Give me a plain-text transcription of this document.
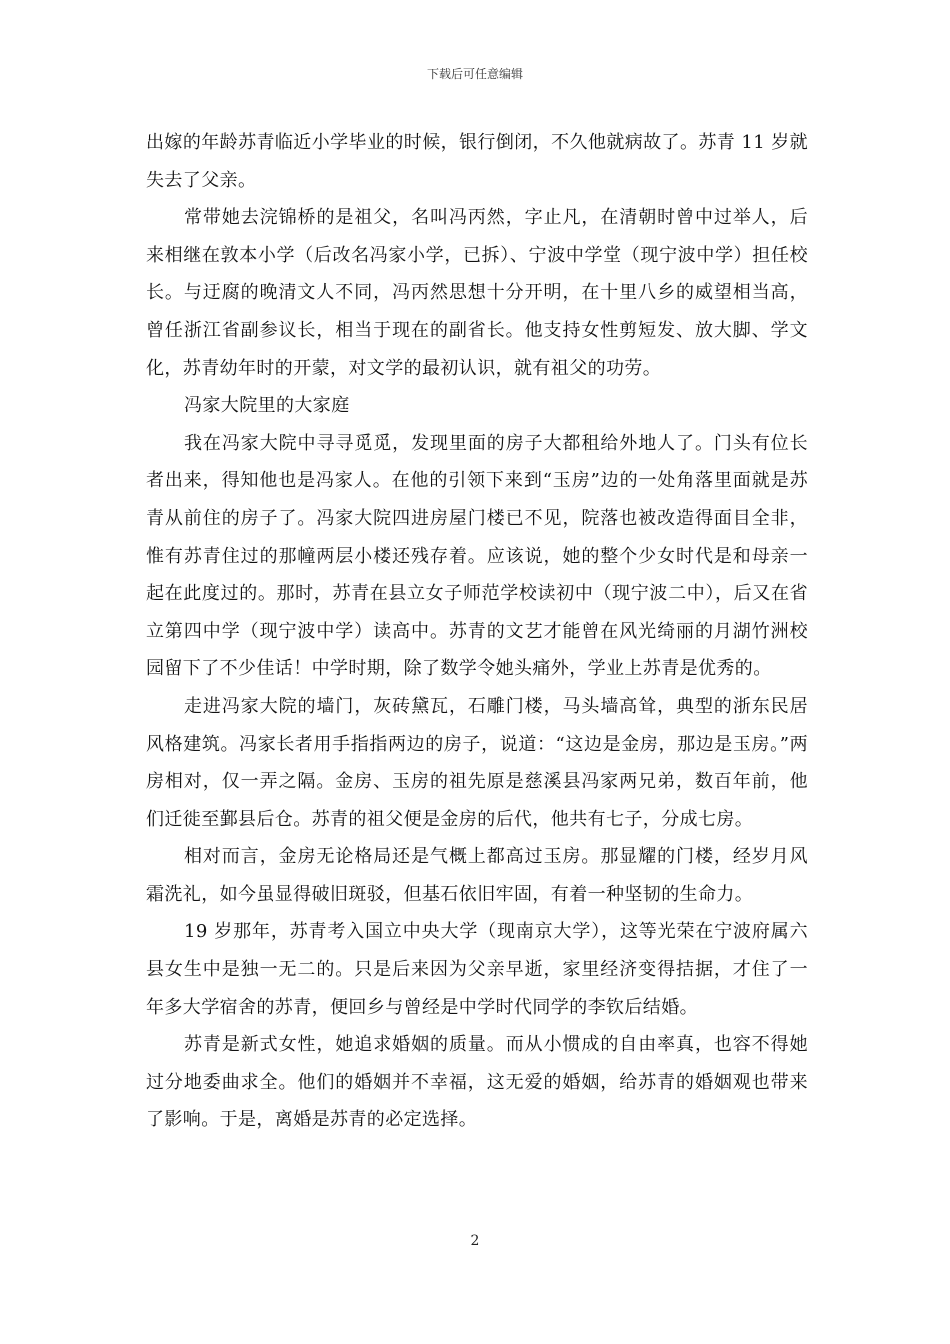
下载后可任意编辑

出嫁的年龄苏青临近小学毕业的时候，银行倒闭，不久他就病故了。苏青 11 岁就失去了父亲。

常带她去浣锦桥的是祖父，名叫冯丙然，字止凡，在清朝时曾中过举人，后来相继在敦本小学（后改名冯家小学，已拆）、宁波中学堂（现宁波中学）担任校长。与迂腐的晚清文人不同，冯丙然思想十分开明，在十里八乡的威望相当高，曾任浙江省副参议长，相当于现在的副省长。他支持女性剪短发、放大脚、学文化，苏青幼年时的开蒙，对文学的最初认识，就有祖父的功劳。

冯家大院里的大家庭

我在冯家大院中寻寻觅觅，发现里面的房子大都租给外地人了。门头有位长者出来，得知他也是冯家人。在他的引领下来到“玉房”边的一处角落里面就是苏青从前住的房子了。冯家大院四进房屋门楼已不见，院落也被改造得面目全非，惟有苏青住过的那幢两层小楼还残存着。应该说，她的整个少女时代是和母亲一起在此度过的。那时，苏青在县立女子师范学校读初中（现宁波二中），后又在省立第四中学（现宁波中学）读高中。苏青的文艺才能曾在风光绮丽的月湖竹洲校园留下了不少佳话！中学时期，除了数学令她头痛外，学业上苏青是优秀的。

走进冯家大院的墙门，灰砖黛瓦，石雕门楼，马头墙高耸，典型的浙东民居风格建筑。冯家长者用手指指两边的房子，说道：“这边是金房，那边是玉房。”两房相对，仅一弄之隔。金房、玉房的祖先原是慈溪县冯家两兄弟，数百年前，他们迁徙至鄞县后仓。苏青的祖父便是金房的后代，他共有七子，分成七房。

相对而言，金房无论格局还是气概上都高过玉房。那显耀的门楼，经岁月风霜洗礼，如今虽显得破旧斑驳，但基石依旧牢固，有着一种坚韧的生命力。

19 岁那年，苏青考入国立中央大学（现南京大学），这等光荣在宁波府属六县女生中是独一无二的。只是后来因为父亲早逝，家里经济变得拮据，才住了一年多大学宿舍的苏青，便回乡与曾经是中学时代同学的李钦后结婚。

苏青是新式女性，她追求婚姻的质量。而从小惯成的自由率真，也容不得她过分地委曲求全。他们的婚姻并不幸福，这无爱的婚姻，给苏青的婚姻观也带来了影响。于是，离婚是苏青的必定选择。

2
